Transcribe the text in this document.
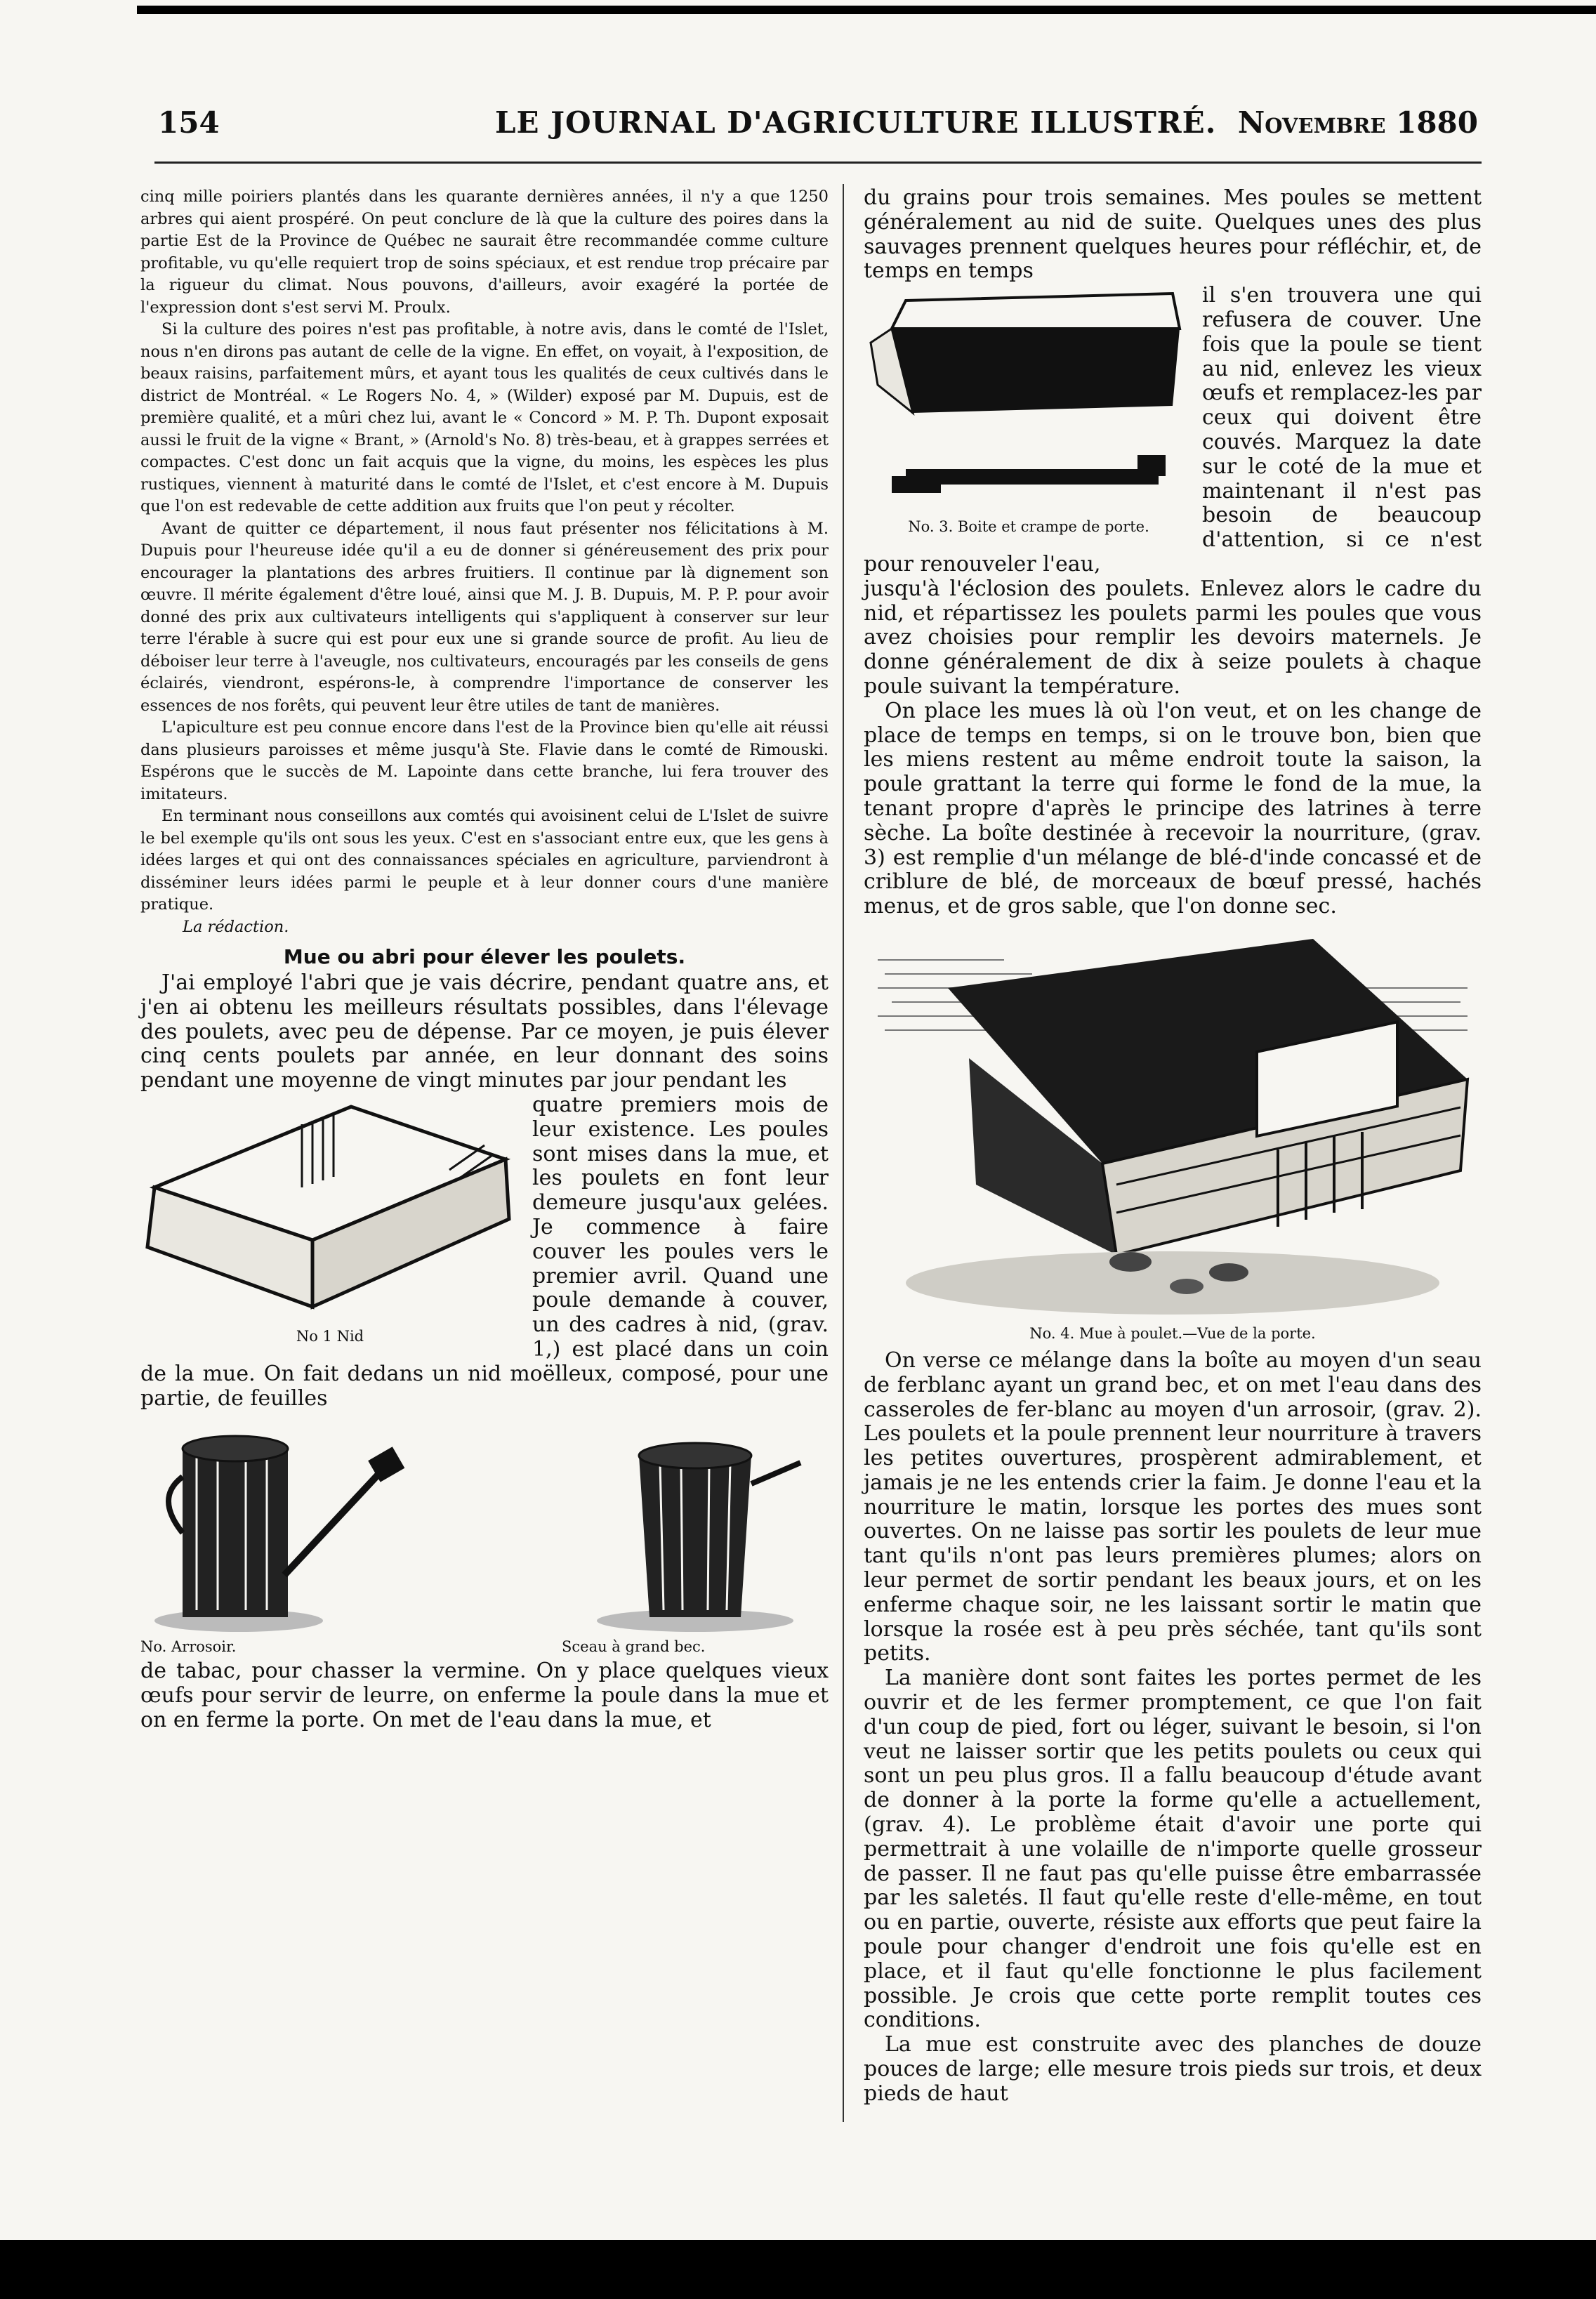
154	LE JOURNAL D'AGRICULTURE ILLUSTRÉ. Novembre 1880

cinq mille poiriers plantés dans les quarante dernières années, il n'y a que 1250 arbres qui aient prospéré. On peut conclure de là que la culture des poires dans la partie Est de la Province de Québec ne saurait être recommandée comme culture profitable, vu qu'elle requiert trop de soins spéciaux, et est rendue trop précaire par la rigueur du climat. Nous pouvons, d'ailleurs, avoir exagéré la portée de l'expression dont s'est servi M. Proulx.

Si la culture des poires n'est pas profitable, à notre avis, dans le comté de l'Islet, nous n'en dirons pas autant de celle de la vigne. En effet, on voyait, à l'exposition, de beaux raisins, parfaitement mûrs, et ayant tous les qualités de ceux cultivés dans le district de Montréal. « Le Rogers No. 4, » (Wilder) exposé par M. Dupuis, est de première qualité, et a mûri chez lui, avant le « Concord » M. P. Th. Dupont exposait aussi le fruit de la vigne « Brant, » (Arnold's No. 8) très-beau, et à grappes serrées et compactes. C'est donc un fait acquis que la vigne, du moins, les espèces les plus rustiques, viennent à maturité dans le comté de l'Islet, et c'est encore à M. Dupuis que l'on est redevable de cette addition aux fruits que l'on peut y récolter.

Avant de quitter ce département, il nous faut présenter nos félicitations à M. Dupuis pour l'heureuse idée qu'il a eu de donner si généreusement des prix pour encourager la plantations des arbres fruitiers. Il continue par là dignement son œuvre. Il mérite également d'être loué, ainsi que M. J. B. Dupuis, M. P. P. pour avoir donné des prix aux cultivateurs intelligents qui s'appliquent à conserver sur leur terre l'érable à sucre qui est pour eux une si grande source de profit. Au lieu de déboiser leur terre à l'aveugle, nos cultivateurs, encouragés par les conseils de gens éclairés, viendront, espérons-le, à comprendre l'importance de conserver les essences de nos forêts, qui peuvent leur être utiles de tant de manières.

L'apiculture est peu connue encore dans l'est de la Province bien qu'elle ait réussi dans plusieurs paroisses et même jusqu'à Ste. Flavie dans le comté de Rimouski. Espérons que le succès de M. Lapointe dans cette branche, lui fera trouver des imitateurs.

En terminant nous conseillons aux comtés qui avoisinent celui de L'Islet de suivre le bel exemple qu'ils ont sous les yeux. C'est en s'associant entre eux, que les gens à idées larges et qui ont des connaissances spéciales en agriculture, parviendront à disséminer leurs idées parmi le peuple et à leur donner cours d'une manière pratique.

La rédaction.

Mue ou abri pour élever les poulets.

J'ai employé l'abri que je vais décrire, pendant quatre ans, et j'en ai obtenu les meilleurs résultats possibles, dans l'élevage des poulets, avec peu de dépense. Par ce moyen, je puis élever cinq cents poulets par année, en leur donnant des soins pendant une moyenne de vingt minutes par jour pendant les

No 1 Nid

quatre premiers mois de leur existence. Les poules sont mises dans la mue, et les poulets en font leur demeure jusqu'aux gelées. Je commence à faire couver les poules vers le premier avril. Quand une poule demande à couver, un des cadres à nid, (grav. 1,) est placé dans un coin de la mue. On fait dedans un nid moëlleux, composé, pour une partie, de feuilles

No. Arrosoir.	Sceau à grand bec.

de tabac, pour chasser la vermine. On y place quelques vieux œufs pour servir de leurre, on enferme la poule dans la mue et on en ferme la porte. On met de l'eau dans la mue, et

du grains pour trois semaines. Mes poules se mettent généralement au nid de suite. Quelques unes des plus sauvages prennent quelques heures pour réfléchir, et, de temps en temps

No. 3. Boite et crampe de porte.

il s'en trouvera une qui refusera de couver. Une fois que la poule se tient au nid, enlevez les vieux œufs et remplacez-les par ceux qui doivent être couvés. Marquez la date sur le coté de la mue et maintenant il n'est pas besoin de beaucoup d'attention, si ce n'est pour renouveler l'eau,

jusqu'à l'éclosion des poulets. Enlevez alors le cadre du nid, et répartissez les poulets parmi les poules que vous avez choisies pour remplir les devoirs maternels. Je donne généralement de dix à seize poulets à chaque poule suivant la température.

On place les mues là où l'on veut, et on les change de place de temps en temps, si on le trouve bon, bien que les miens restent au même endroit toute la saison, la poule grattant la terre qui forme le fond de la mue, la tenant propre d'après le principe des latrines à terre sèche. La boîte destinée à recevoir la nourriture, (grav. 3) est remplie d'un mélange de blé-d'inde concassé et de criblure de blé, de morceaux de bœuf pressé, hachés menus, et de gros sable, que l'on donne sec.

No. 4. Mue à poulet.—Vue de la porte.

On verse ce mélange dans la boîte au moyen d'un seau de ferblanc ayant un grand bec, et on met l'eau dans des casseroles de fer-blanc au moyen d'un arrosoir, (grav. 2). Les poulets et la poule prennent leur nourriture à travers les petites ouvertures, prospèrent admirablement, et jamais je ne les entends crier la faim. Je donne l'eau et la nourriture le matin, lorsque les portes des mues sont ouvertes. On ne laisse pas sortir les poulets de leur mue tant qu'ils n'ont pas leurs premières plumes; alors on leur permet de sortir pendant les beaux jours, et on les enferme chaque soir, ne les laissant sortir le matin que lorsque la rosée est à peu près séchée, tant qu'ils sont petits.

La manière dont sont faites les portes permet de les ouvrir et de les fermer promptement, ce que l'on fait d'un coup de pied, fort ou léger, suivant le besoin, si l'on veut ne laisser sortir que les petits poulets ou ceux qui sont un peu plus gros. Il a fallu beaucoup d'étude avant de donner à la porte la forme qu'elle a actuellement, (grav. 4). Le problème était d'avoir une porte qui permettrait à une volaille de n'importe quelle grosseur de passer. Il ne faut pas qu'elle puisse être embarrassée par les saletés. Il faut qu'elle reste d'elle-même, en tout ou en partie, ouverte, résiste aux efforts que peut faire la poule pour changer d'endroit une fois qu'elle est en place, et il faut qu'elle fonctionne le plus facilement possible. Je crois que cette porte remplit toutes ces conditions.

La mue est construite avec des planches de douze pouces de large; elle mesure trois pieds sur trois, et deux pieds de haut
